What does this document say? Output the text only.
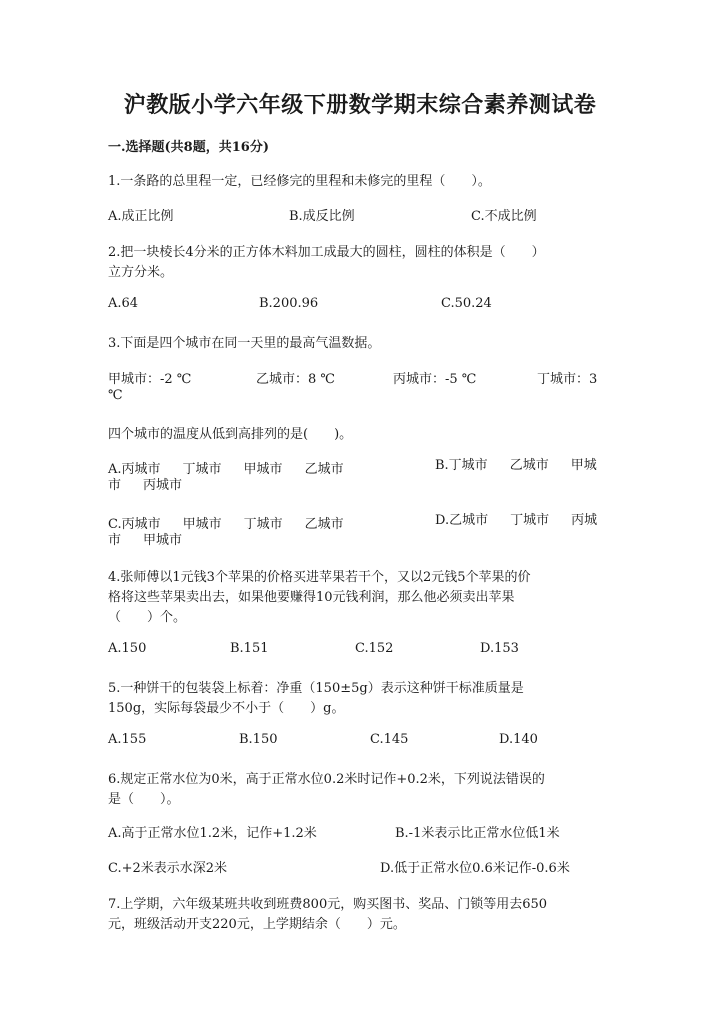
沪教版小学六年级下册数学期末综合素养测试卷
一.选择题(共8题，共16分)
1.一条路的总里程一定，已经修完的里程和未修完的里程（　　）。
A.成正比例	B.成反比例	C.不成比例
2.把一块棱长4分米的正方体木料加工成最大的圆柱，圆柱的体积是（　　）
立方分米。
A.64	B.200.96	C.50.24
3.下面是四个城市在同一天里的最高气温数据。
甲城市：-2 ℃	乙城市：8 ℃	丙城市：-5 ℃	丁城市：3
℃
四个城市的温度从低到高排列的是(　　)。
A.丙城市 丁城市 甲城市 乙城市	B.丁城市 乙城市 甲城
市 丙城市
C.丙城市 甲城市 丁城市 乙城市	D.乙城市 丁城市 丙城
市 甲城市
4.张师傅以1元钱3个苹果的价格买进苹果若干个，又以2元钱5个苹果的价
格将这些苹果卖出去，如果他要赚得10元钱利润，那么他必须卖出苹果
（　　）个。
A.150	B.151	C.152	D.153
5.一种饼干的包装袋上标着：净重（150±5g）表示这种饼干标准质量是
150g，实际每袋最少不小于（　　）g。
A.155	B.150	C.145	D.140
6.规定正常水位为0米，高于正常水位0.2米时记作+0.2米，下列说法错误的
是（　　）。
A.高于正常水位1.2米，记作+1.2米	B.-1米表示比正常水位低1米
C.+2米表示水深2米	D.低于正常水位0.6米记作-0.6米
7.上学期，六年级某班共收到班费800元，购买图书、奖品、门锁等用去650
元，班级活动开支220元，上学期结余（　　）元。
